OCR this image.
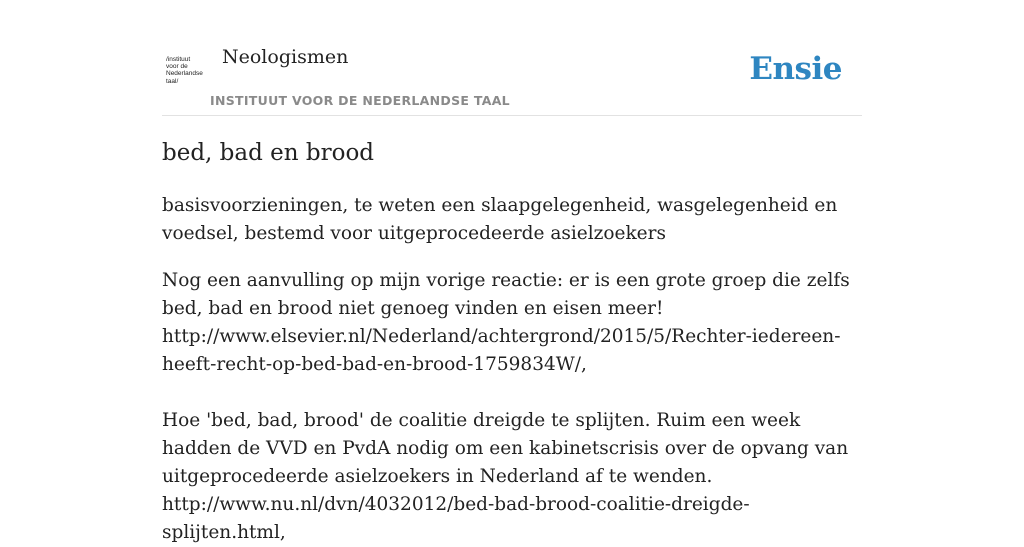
/instituut
voor de
Nederlandse
taal/
Neologismen
INSTITUUT VOOR DE NEDERLANDSE TAAL
Ensie
bed, bad en brood
basisvoorzieningen, te weten een slaapgelegenheid, wasgelegenheid en voedsel, bestemd voor uitgeprocedeerde asielzoekers

Nog een aanvulling op mijn vorige reactie: er is een grote groep die zelfs bed, bad en brood niet genoeg vinden en eisen meer!

http://www.elsevier.nl/Nederland/achtergrond/2015/5/Rechter-iedereen-heeft-recht-op-bed-bad-en-brood-1759834W/,

Hoe 'bed, bad, brood' de coalitie dreigde te splijten. Ruim een week hadden de VVD en PvdA nodig om een kabinetscrisis over de opvang van uitgeprocedeerde asielzoekers in Nederland af te wenden.

http://www.nu.nl/dvn/4032012/bed-bad-brood-coalitie-dreigde-splijten.html,
